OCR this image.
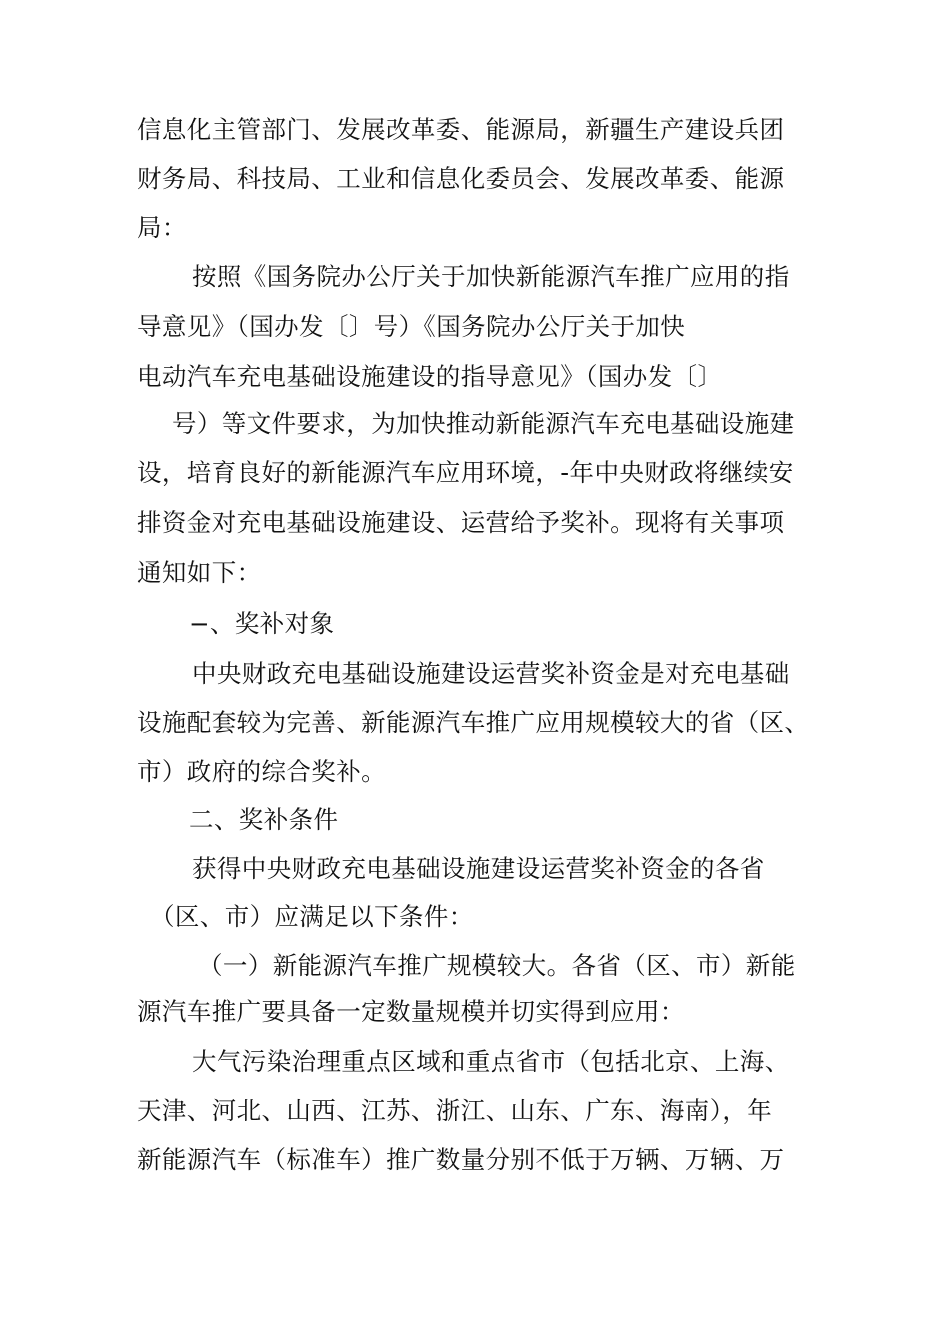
信息化主管部门、发展改革委、能源局，新疆生产建设兵团
财务局、科技局、工业和信息化委员会、发展改革委、能源
局：
按照《国务院办公厅关于加快新能源汽车推广应用的指
导意见》（国办发〔〕号）《国务院办公厅关于加快
电动汽车充电基础设施建设的指导意见》（国办发〔〕
号）等文件要求，为加快推动新能源汽车充电基础设施建
设，培育良好的新能源汽车应用环境，-年中央财政将继续安
排资金对充电基础设施建设、运营给予奖补。现将有关事项
通知如下：
−、奖补对象
中央财政充电基础设施建设运营奖补资金是对充电基础
设施配套较为完善、新能源汽车推广应用规模较大的省（区、
市）政府的综合奖补。
二、奖补条件
获得中央财政充电基础设施建设运营奖补资金的各省
（区、市）应满足以下条件：
（一）新能源汽车推广规模较大。各省（区、市）新能
源汽车推广要具备一定数量规模并切实得到应用：
大气污染治理重点区域和重点省市（包括北京、上海、
天津、河北、山西、江苏、浙江、山东、广东、海南），年
新能源汽车（标准车）推广数量分别不低于万辆、万辆、万
